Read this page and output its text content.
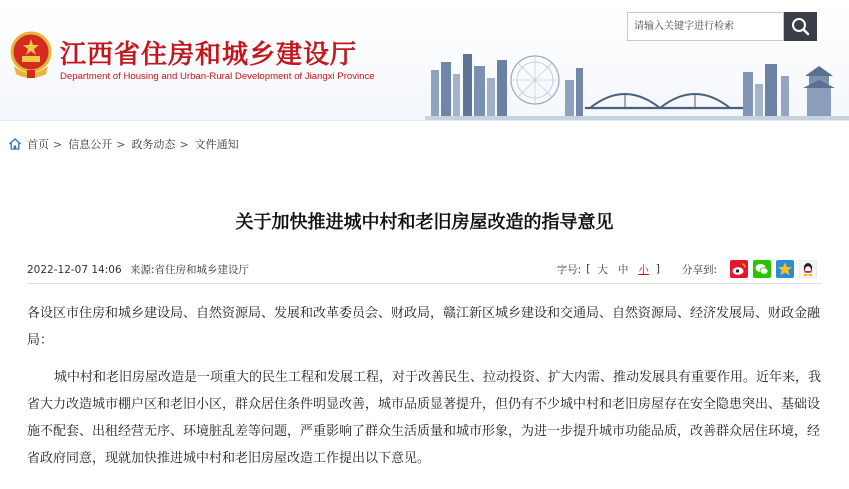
江西省住房和城乡建设厅
Department of Housing and Urban-Rural Development of Jiangxi Province
请输入关键字进行检索
首页 > 信息公开 > 政务动态 > 文件通知
关于加快推进城中村和老旧房屋改造的指导意见
2022-12-07 14:06 来源:省住房和城乡建设厅	字号: [ 大 中 小 ] 分享到:

各设区市住房和城乡建设局、自然资源局、发展和改革委员会、财政局，赣江新区城乡建设和交通局、自然资源局、经济发展局、财政金融局：

城中村和老旧房屋改造是一项重大的民生工程和发展工程，对于改善民生、拉动投资、扩大内需、推动发展具有重要作用。近年来，我省大力改造城市棚户区和老旧小区，群众居住条件明显改善，城市品质显著提升，但仍有不少城中村和老旧房屋存在安全隐患突出、基础设施不配套、出租经营无序、环境脏乱差等问题，严重影响了群众生活质量和城市形象，为进一步提升城市功能品质，改善群众居住环境，经省政府同意，现就加快推进城中村和老旧房屋改造工作提出以下意见。
